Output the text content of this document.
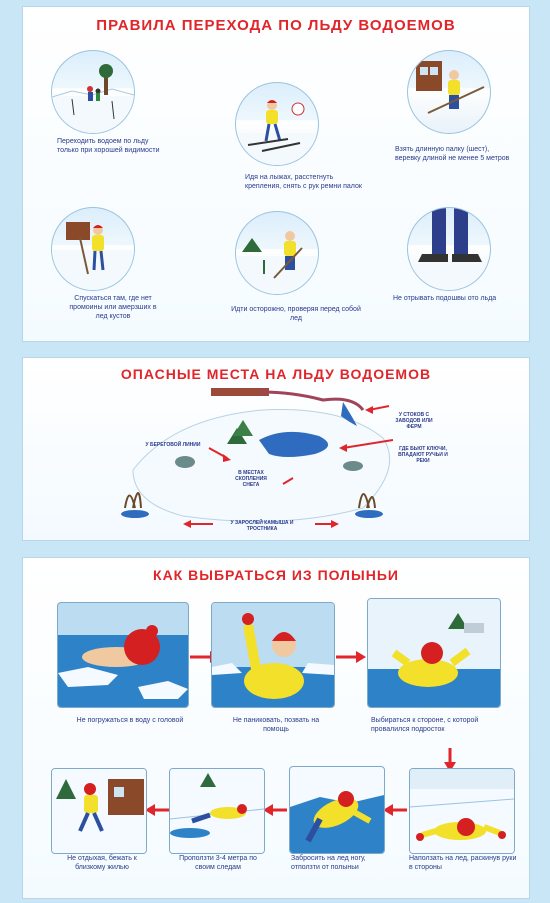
ПРАВИЛА ПЕРЕХОДА ПО ЛЬДУ ВОДОЕМОВ
Переходить водоем по льду только при хорошей видимости
Идя на лыжах, расстегнуть крепления, снять с рук ремни палок
Взять длинную палку (шест), веревку длиной не менее 5 метров
Спускаться там, где нет промоины или амерзших в лед кустов
Идти осторожно, проверяя перед собой лед
Не отрывать подошвы ото льда
ОПАСНЫЕ МЕСТА НА ЛЬДУ ВОДОЕМОВ
У СТОКОВ С ЗАВОДОВ ИЛИ ФЕРМ
У БЕРЕГОВОЙ ЛИНИИ
ГДЕ БЬЮТ КЛЮЧИ, ВПАДАЮТ РУЧЬИ И РЕКИ
В МЕСТАХ СКОПЛЕНИЯ СНЕГА
У ЗАРОСЛЕЙ КАМЫША И ТРОСТНИКА
КАК ВЫБРАТЬСЯ ИЗ ПОЛЫНЬИ
Не погружаться в воду с головой	Не паниковать, позвать на помощь
Выбираться к стороне, с которой провалился подросток
Наползать на лед, раскинув руки в стороны
Забросить на лед ногу, отползти от полыньи
Проползти 3-4 метра по своим следам
Не отдыхая, бежать к близкому жилью
